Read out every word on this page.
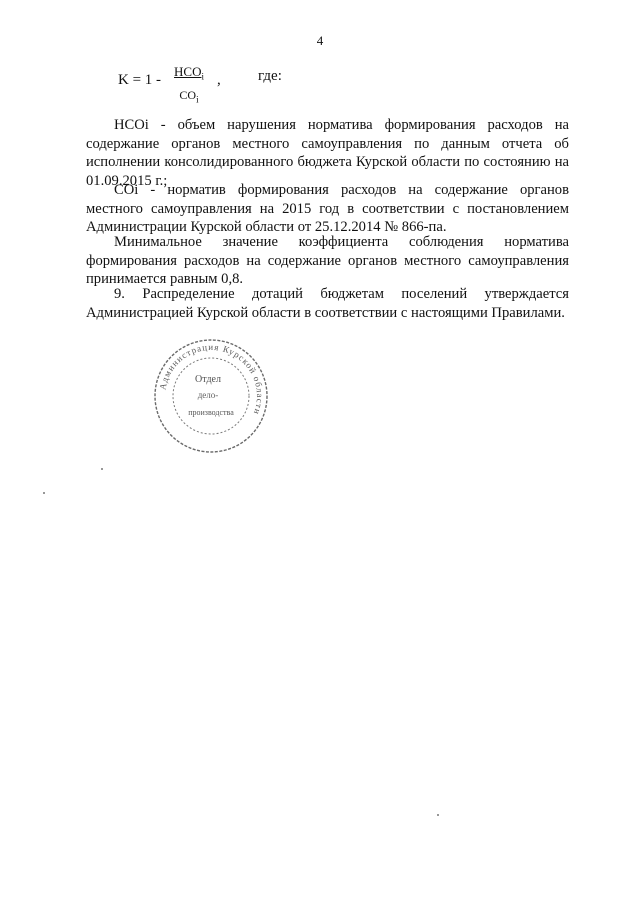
4
K = 1 -
$НСО_i$
$СО_i$
, где:

НСОi - объем нарушения норматива формирования расходов на содержание органов местного самоуправления по данным отчета об исполнении консолидированного бюджета Курской области по состоянию на 01.09.2015 г.;

СОi - норматив формирования расходов на содержание органов местного самоуправления на 2015 год в соответствии с постановлением Администрации Курской области от 25.12.2014 № 866-па.

Минимальное значение коэффициента соблюдения норматива формирования расходов на содержание органов местного самоуправления принимается равным 0,8.

9. Распределение дотаций бюджетам поселений утверждается Администрацией Курской области в соответствии с настоящими Правилами.

Администрация Курской области
Отдел
дело-
производства
